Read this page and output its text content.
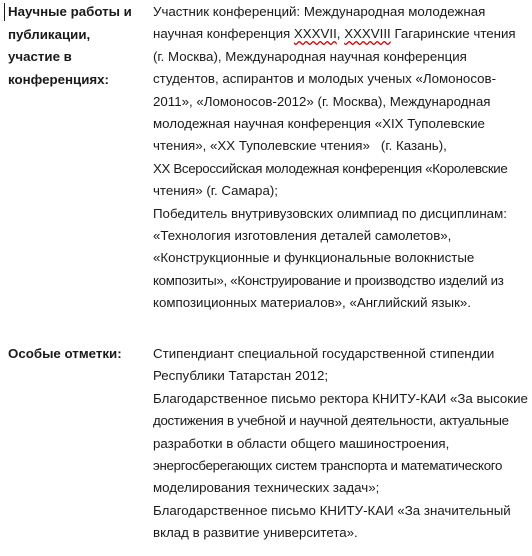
Научные работы и
публикации,
участие в
конференциях:
Участник конференций: Международная молодежная
научная конференция XXXVII, XXXVIII Гагаринские чтения
(г. Москва), Международная научная конференция
студентов, аспирантов и молодых ученых «Ломоносов-
2011», «Ломоносов-2012» (г. Москва), Международная
молодежная научная конференция «XIX Туполевские
чтения», «XX Туполевские чтения»   (г. Казань),
XX Всероссийская молодежная конференция «Королевские
чтения» (г. Самара);
Победитель внутривузовских олимпиад по дисциплинам:
«Технология изготовления деталей самолетов»,
«Конструкционные и функциональные волокнистые
композиты», «Конструирование и производство изделий из
композиционных материалов», «Английский язык».
Особые отметки:	Стипендиант специальной государственной стипендии
Республики Татарстан 2012;
Благодарственное письмо ректора КНИТУ-КАИ «За высокие
достижения в учебной и научной деятельности, актуальные
разработки в области общего машиностроения,
энергосберегающих систем транспорта и математического
моделирования технических задач»;
Благодарственное письмо КНИТУ-КАИ «За значительный
вклад в развитие университета».
